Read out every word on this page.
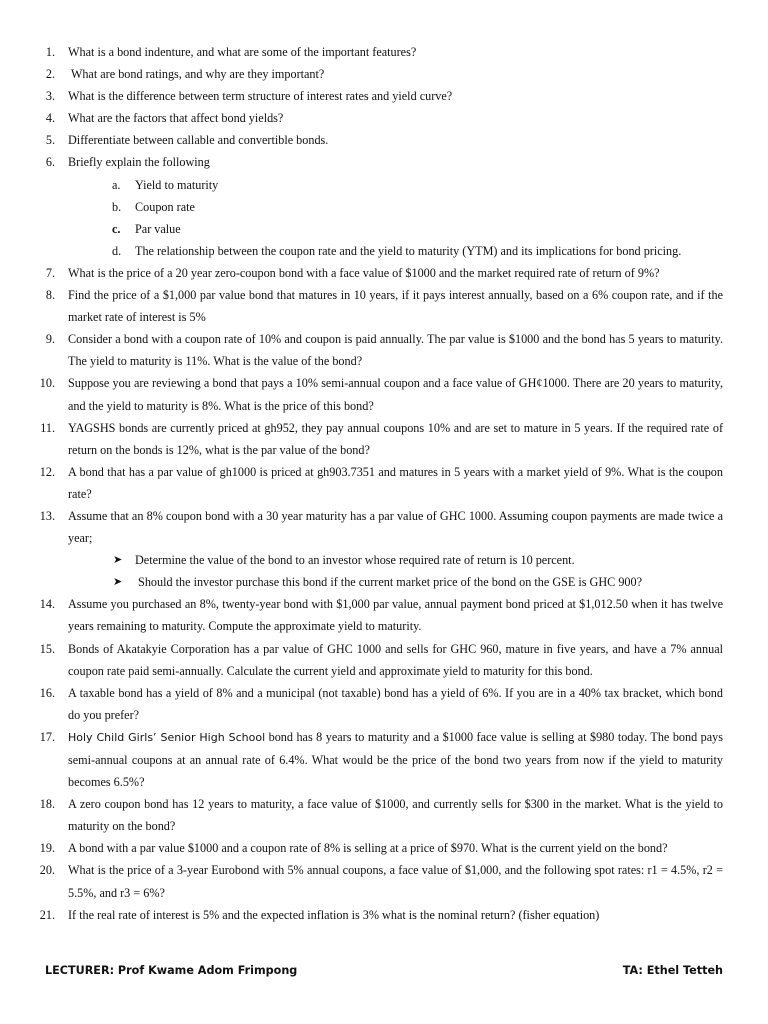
1. What is a bond indenture, and what are some of the important features?
2. What are bond ratings, and why are they important?
3. What is the difference between term structure of interest rates and yield curve?
4. What are the factors that affect bond yields?
5. Differentiate between callable and convertible bonds.
6. Briefly explain the following
a. Yield to maturity
b. Coupon rate
c. Par value
d. The relationship between the coupon rate and the yield to maturity (YTM) and its implications for bond pricing.
7. What is the price of a 20 year zero-coupon bond with a face value of $1000 and the market required rate of return of 9%?
8. Find the price of a $1,000 par value bond that matures in 10 years, if it pays interest annually, based on a 6% coupon rate, and if the market rate of interest is 5%
9. Consider a bond with a coupon rate of 10% and coupon is paid annually. The par value is $1000 and the bond has 5 years to maturity. The yield to maturity is 11%. What is the value of the bond?
10. Suppose you are reviewing a bond that pays a 10% semi-annual coupon and a face value of GH¢1000. There are 20 years to maturity, and the yield to maturity is 8%. What is the price of this bond?
11. YAGSHS bonds are currently priced at gh952, they pay annual coupons 10% and are set to mature in 5 years. If the required rate of return on the bonds is 12%, what is the par value of the bond?
12. A bond that has a par value of gh1000 is priced at gh903.7351 and matures in 5 years with a market yield of 9%. What is the coupon rate?
13. Assume that an 8% coupon bond with a 30 year maturity has a par value of GHC 1000. Assuming coupon payments are made twice a year;
➤ Determine the value of the bond to an investor whose required rate of return is 10 percent.
➤ Should the investor purchase this bond if the current market price of the bond on the GSE is GHC 900?
14. Assume you purchased an 8%, twenty-year bond with $1,000 par value, annual payment bond priced at $1,012.50 when it has twelve years remaining to maturity. Compute the approximate yield to maturity.
15. Bonds of Akatakyie Corporation has a par value of GHC 1000 and sells for GHC 960, mature in five years, and have a 7% annual coupon rate paid semi-annually. Calculate the current yield and approximate yield to maturity for this bond.
16. A taxable bond has a yield of 8% and a municipal (not taxable) bond has a yield of 6%. If you are in a 40% tax bracket, which bond do you prefer?
17. Holy Child Girls’ Senior High School bond has 8 years to maturity and a $1000 face value is selling at $980 today. The bond pays semi-annual coupons at an annual rate of 6.4%. What would be the price of the bond two years from now if the yield to maturity becomes 6.5%?
18. A zero coupon bond has 12 years to maturity, a face value of $1000, and currently sells for $300 in the market. What is the yield to maturity on the bond?
19. A bond with a par value $1000 and a coupon rate of 8% is selling at a price of $970. What is the current yield on the bond?
20. What is the price of a 3-year Eurobond with 5% annual coupons, a face value of $1,000, and the following spot rates: r1 = 4.5%, r2 = 5.5%, and r3 = 6%?
21. If the real rate of interest is 5% and the expected inflation is 3% what is the nominal return? (fisher equation)
LECTURER: Prof Kwame Adom Frimpong	TA: Ethel Tetteh
